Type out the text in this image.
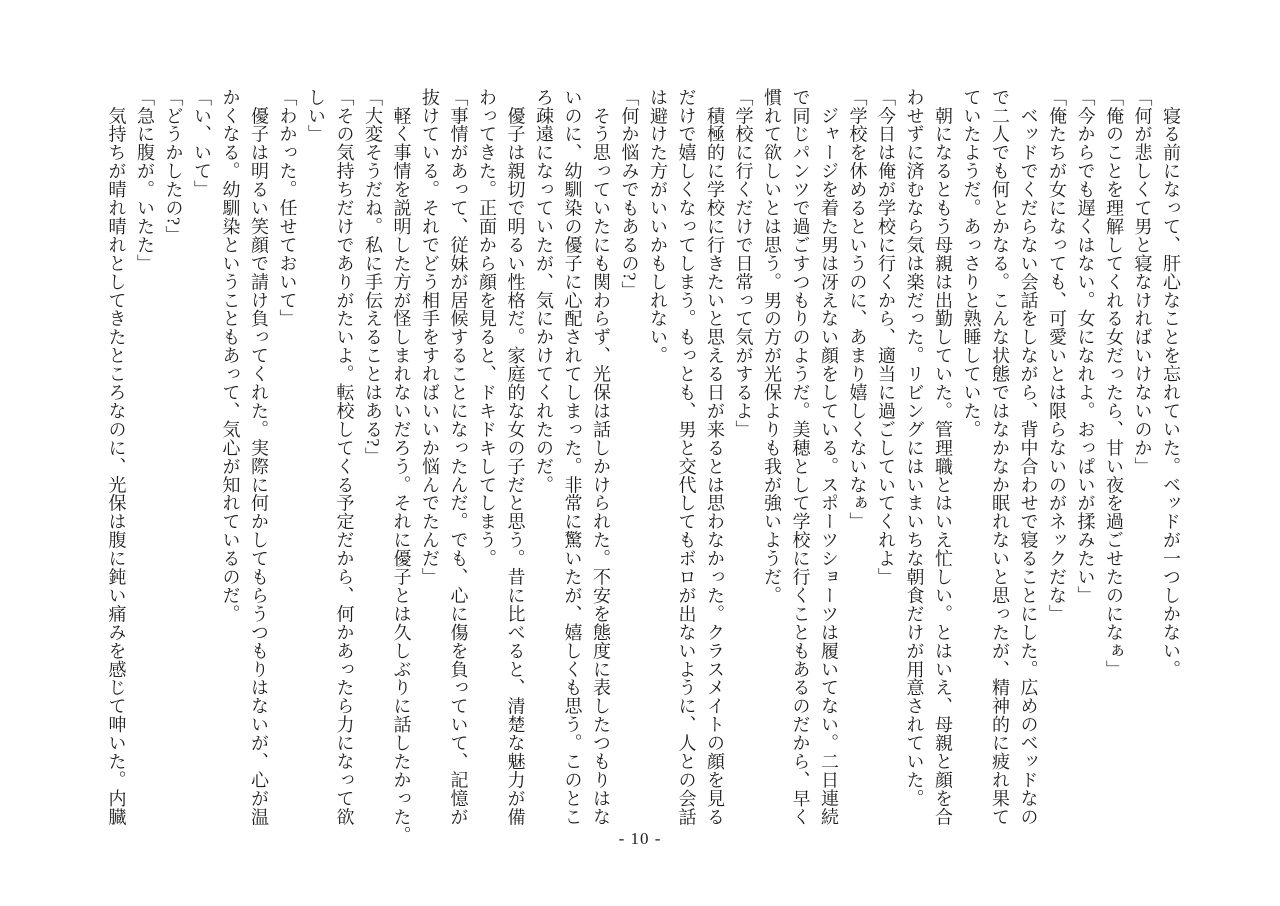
　寝る前になって、肝心なことを忘れていた。ベッドが一つしかない。

「何が悲しくて男と寝なければいけないのか」

「俺のことを理解してくれる女だったら、甘い夜を過ごせたのになぁ」

「今からでも遅くはない。女になれよ。おっぱいが揉みたい」

「俺たちが女になっても、可愛いとは限らないのがネックだな」

　ベッドでくだらない会話をしながら、背中合わせで寝ることにした。広めのベッドなの

で二人でも何とかなる。こんな状態ではなかなか眠れないと思ったが、精神的に疲れ果て

ていたようだ。あっさりと熟睡していた。

　朝になるともう母親は出勤していた。管理職とはいえ忙しい。とはいえ、母親と顔を合

わせずに済むなら気は楽だった。リビングにはいまいちな朝食だけが用意されていた。

「今日は俺が学校に行くから、適当に過ごしていてくれよ」

「学校を休めるというのに、あまり嬉しくないなぁ」

　ジャージを着た男は冴えない顔をしている。スポーツショーツは履いてない。二日連続

で同じパンツで過ごすつもりのようだ。美穂として学校に行くこともあるのだから、早く

慣れて欲しいとは思う。男の方が光保よりも我が強いようだ。

「学校に行くだけで日常って気がするよ」

　積極的に学校に行きたいと思える日が来るとは思わなかった。クラスメイトの顔を見る

だけで嬉しくなってしまう。もっとも、男と交代してもボロが出ないように、人との会話

は避けた方がいいかもしれない。

「何か悩みでもあるの?」

　そう思っていたにも関わらず、光保は話しかけられた。不安を態度に表したつもりはな

いのに、幼馴染の優子に心配されてしまった。非常に驚いたが、嬉しくも思う。このとこ

ろ疎遠になっていたが、気にかけてくれたのだ。

　優子は親切で明るい性格だ。家庭的な女の子だと思う。昔に比べると、清楚な魅力が備

わってきた。正面から顔を見ると、ドキドキしてしまう。

「事情があって、従妹が居候することになったんだ。でも、心に傷を負っていて、記憶が

抜けている。それでどう相手をすればいいか悩んでたんだ」

　軽く事情を説明した方が怪しまれないだろう。それに優子とは久しぶりに話したかった。

「大変そうだね。私に手伝えることはある?」

「その気持ちだけでありがたいよ。転校してくる予定だから、何かあったら力になって欲

しい」

「わかった。任せておいて」

　優子は明るい笑顔で請け負ってくれた。実際に何かしてもらうつもりはないが、心が温

かくなる。幼馴染ということもあって、気心が知れているのだ。

「い、いて」

「どうかしたの?」

「急に腹が。いたた」

　気持ちが晴れ晴れとしてきたところなのに、光保は腹に鈍い痛みを感じて呻いた。内臓

- 10 -
